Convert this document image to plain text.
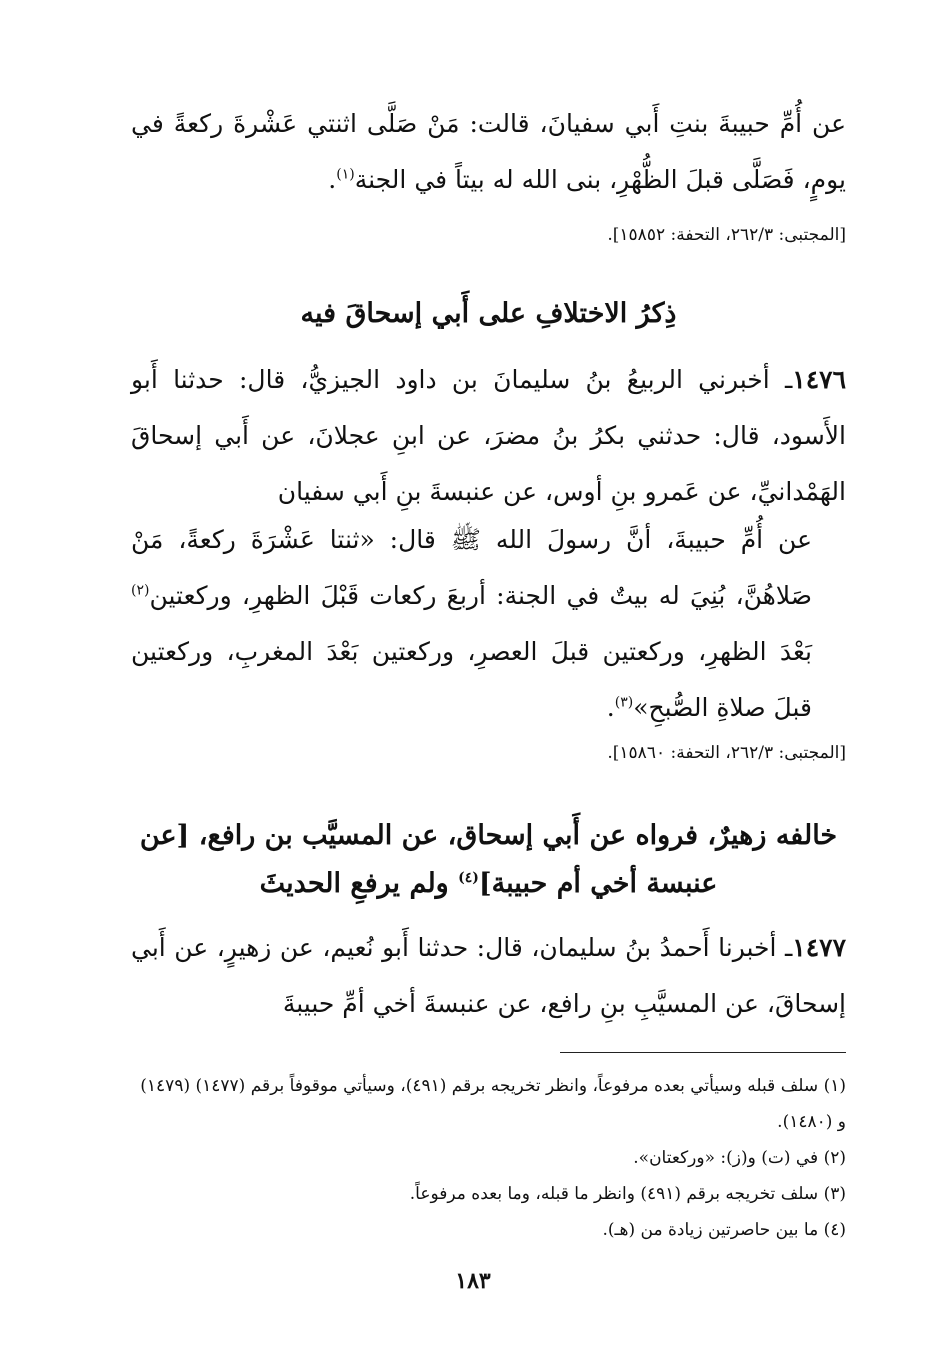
عن أُمِّ حبيبةَ بنتِ أَبي سفيانَ، قالت: مَنْ صَلَّى اثنتي عَشْرةَ ركعةً في يومٍ، فَصَلَّى قبلَ الظُّهْرِ، بنى الله له بيتاً في الجنة$^{(١)}$.
[المجتبى: ٢٦٢/٣، التحفة: ١٥٨٥٢].
ذِكرُ الاختلافِ على أَبي إسحاقَ فيه
١٤٧٦ـ أخبرني الربيعُ بنُ سليمانَ بن داود الجيزيُّ، قال: حدثنا أَبو الأَسود، قال: حدثني بكرُ بنُ مضرَ، عن ابنِ عجلانَ، عن أَبي إسحاقَ الهَمْدانيِّ، عن عَمرو بنِ أوس، عن عنبسةَ بنِ أَبي سفيان
عن أُمِّ حبيبةَ، أنَّ رسولَ الله ﷺ قال: «ثنتا عَشْرَةَ ركعةً، مَنْ صَلاهُنَّ، بُنِيَ له بيتٌ في الجنة: أربعَ ركعات قَبْلَ الظهرِ، وركعتين$^{(٢)}$ بَعْدَ الظهرِ، وركعتين قبلَ العصرِ، وركعتين بَعْدَ المغربِ، وركعتين قبلَ صلاةِ الصُّبحِ»$^{(٣)}$.
[المجتبى: ٢٦٢/٣، التحفة: ١٥٨٦٠].
خالفه زهيرٌ، فرواه عن أَبي إسحاق، عن المسيَّب بن رافع، [عن عنبسة أخي أم حبيبة]$^{(٤)}$ ولم يرفعِ الحديثَ
١٤٧٧ـ أخبرنا أَحمدُ بنُ سليمان، قال: حدثنا أَبو نُعيم، عن زهيرٍ، عن أَبي إسحاقَ، عن المسيَّبِ بنِ رافع، عن عنبسةَ أخي أمِّ حبيبةَ

(١) سلف قبله وسيأتي بعده مرفوعاً، وانظر تخريجه برقم (٤٩١)، وسيأتي موقوفاً برقم (١٤٧٧) (١٤٧٩) و (١٤٨٠).

(٢) في (ت) و(ز): «وركعتان».

(٣) سلف تخريجه برقم (٤٩١) وانظر ما قبله، وما بعده مرفوعاً.

(٤) ما بين حاصرتين زيادة من (هـ).

١٨٣
